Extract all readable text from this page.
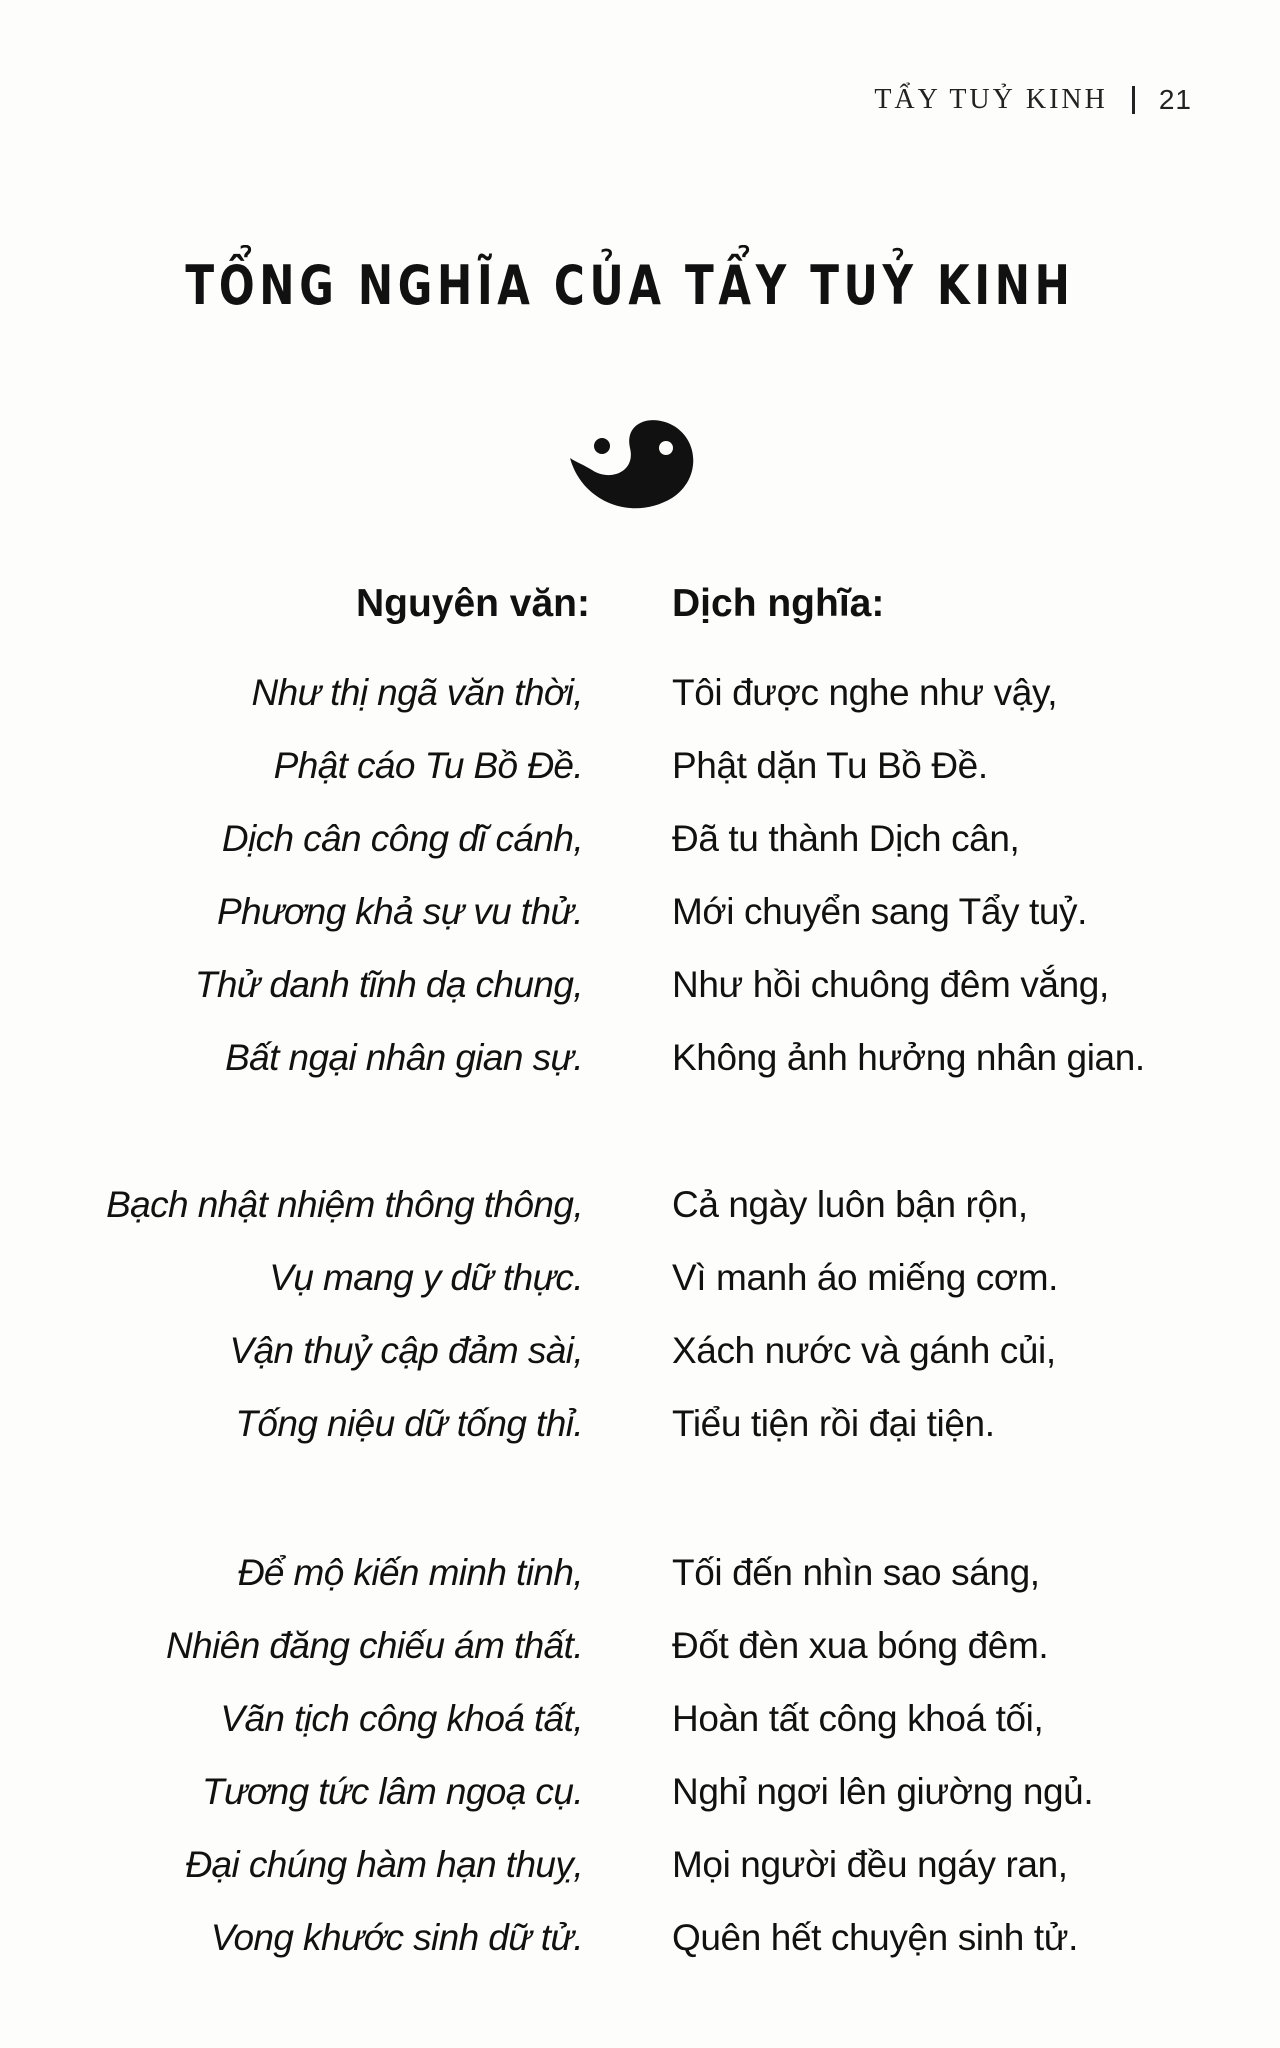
TẨY TUỶ KINH 21
TỔNG NGHĨA CỦA TẨY TUỶ KINH
Nguyên văn: Dịch nghĩa:
Như thị ngã văn thời,
Phật cáo Tu Bồ Đề.
Dịch cân công dĩ cánh,
Phương khả sự vu thử.
Thử danh tĩnh dạ chung,
Bất ngại nhân gian sự.
Tôi được nghe như vậy,
Phật dặn Tu Bồ Đề.
Đã tu thành Dịch cân,
Mới chuyển sang Tẩy tuỷ.
Như hồi chuông đêm vắng,
Không ảnh hưởng nhân gian.
Bạch nhật nhiệm thông thông,
Vụ mang y dữ thực.
Vận thuỷ cập đảm sài,
Tống niệu dữ tống thỉ.
Cả ngày luôn bận rộn,
Vì manh áo miếng cơm.
Xách nước và gánh củi,
Tiểu tiện rồi đại tiện.
Để mộ kiến minh tinh,
Nhiên đăng chiếu ám thất.
Vãn tịch công khoá tất,
Tương tức lâm ngoạ cụ.
Đại chúng hàm hạn thuỵ,
Vong khước sinh dữ tử.
Tối đến nhìn sao sáng,
Đốt đèn xua bóng đêm.
Hoàn tất công khoá tối,
Nghỉ ngơi lên giường ngủ.
Mọi người đều ngáy ran,
Quên hết chuyện sinh tử.
